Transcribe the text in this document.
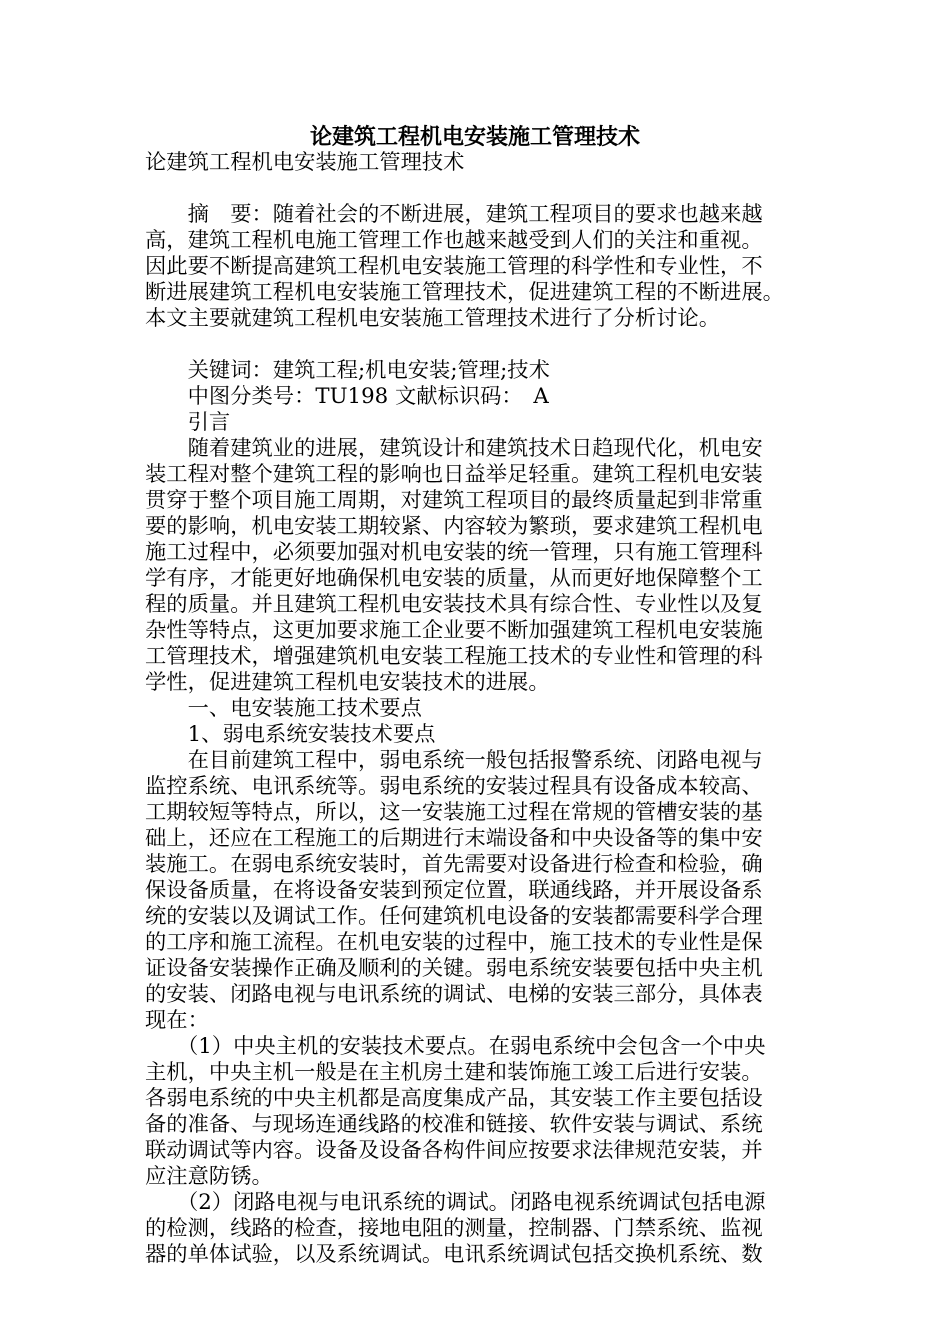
论建筑工程机电安装施工管理技术
论建筑工程机电安装施工管理技术
　　摘　要：随着社会的不断进展，建筑工程项目的要求也越来越
高，建筑工程机电施工管理工作也越来越受到人们的关注和重视。
因此要不断提高建筑工程机电安装施工管理的科学性和专业性，不
断进展建筑工程机电安装施工管理技术，促进建筑工程的不断进展。
本文主要就建筑工程机电安装施工管理技术进行了分析讨论。
　　关键词：建筑工程;机电安装;管理;技术
　　中图分类号：TU198 文献标识码：　A
　　引言
　　随着建筑业的进展，建筑设计和建筑技术日趋现代化，机电安
装工程对整个建筑工程的影响也日益举足轻重。建筑工程机电安装
贯穿于整个项目施工周期，对建筑工程项目的最终质量起到非常重
要的影响，机电安装工期较紧、内容较为繁琐，要求建筑工程机电
施工过程中，必须要加强对机电安装的统一管理，只有施工管理科
学有序，才能更好地确保机电安装的质量，从而更好地保障整个工
程的质量。并且建筑工程机电安装技术具有综合性、专业性以及复
杂性等特点，这更加要求施工企业要不断加强建筑工程机电安装施
工管理技术，增强建筑机电安装工程施工技术的专业性和管理的科
学性，促进建筑工程机电安装技术的进展。
　　一、电安装施工技术要点
　　1、弱电系统安装技术要点
　　在目前建筑工程中，弱电系统一般包括报警系统、闭路电视与
监控系统、电讯系统等。弱电系统的安装过程具有设备成本较高、
工期较短等特点，所以，这一安装施工过程在常规的管槽安装的基
础上，还应在工程施工的后期进行末端设备和中央设备等的集中安
装施工。在弱电系统安装时，首先需要对设备进行检查和检验，确
保设备质量，在将设备安装到预定位置，联通线路，并开展设备系
统的安装以及调试工作。任何建筑机电设备的安装都需要科学合理
的工序和施工流程。在机电安装的过程中，施工技术的专业性是保
证设备安装操作正确及顺利的关键。弱电系统安装要包括中央主机
的安装、闭路电视与电讯系统的调试、电梯的安装三部分，具体表
现在：
　　（1）中央主机的安装技术要点。在弱电系统中会包含一个中央
主机，中央主机一般是在主机房土建和装饰施工竣工后进行安装。
各弱电系统的中央主机都是高度集成产品，其安装工作主要包括设
备的准备、与现场连通线路的校准和链接、软件安装与调试、系统
联动调试等内容。设备及设备各构件间应按要求法律规范安装，并
应注意防锈。
　　（2）闭路电视与电讯系统的调试。闭路电视系统调试包括电源
的检测，线路的检查，接地电阻的测量，控制器、门禁系统、监视
器的单体试验，以及系统调试。电讯系统调试包括交换机系统、数
